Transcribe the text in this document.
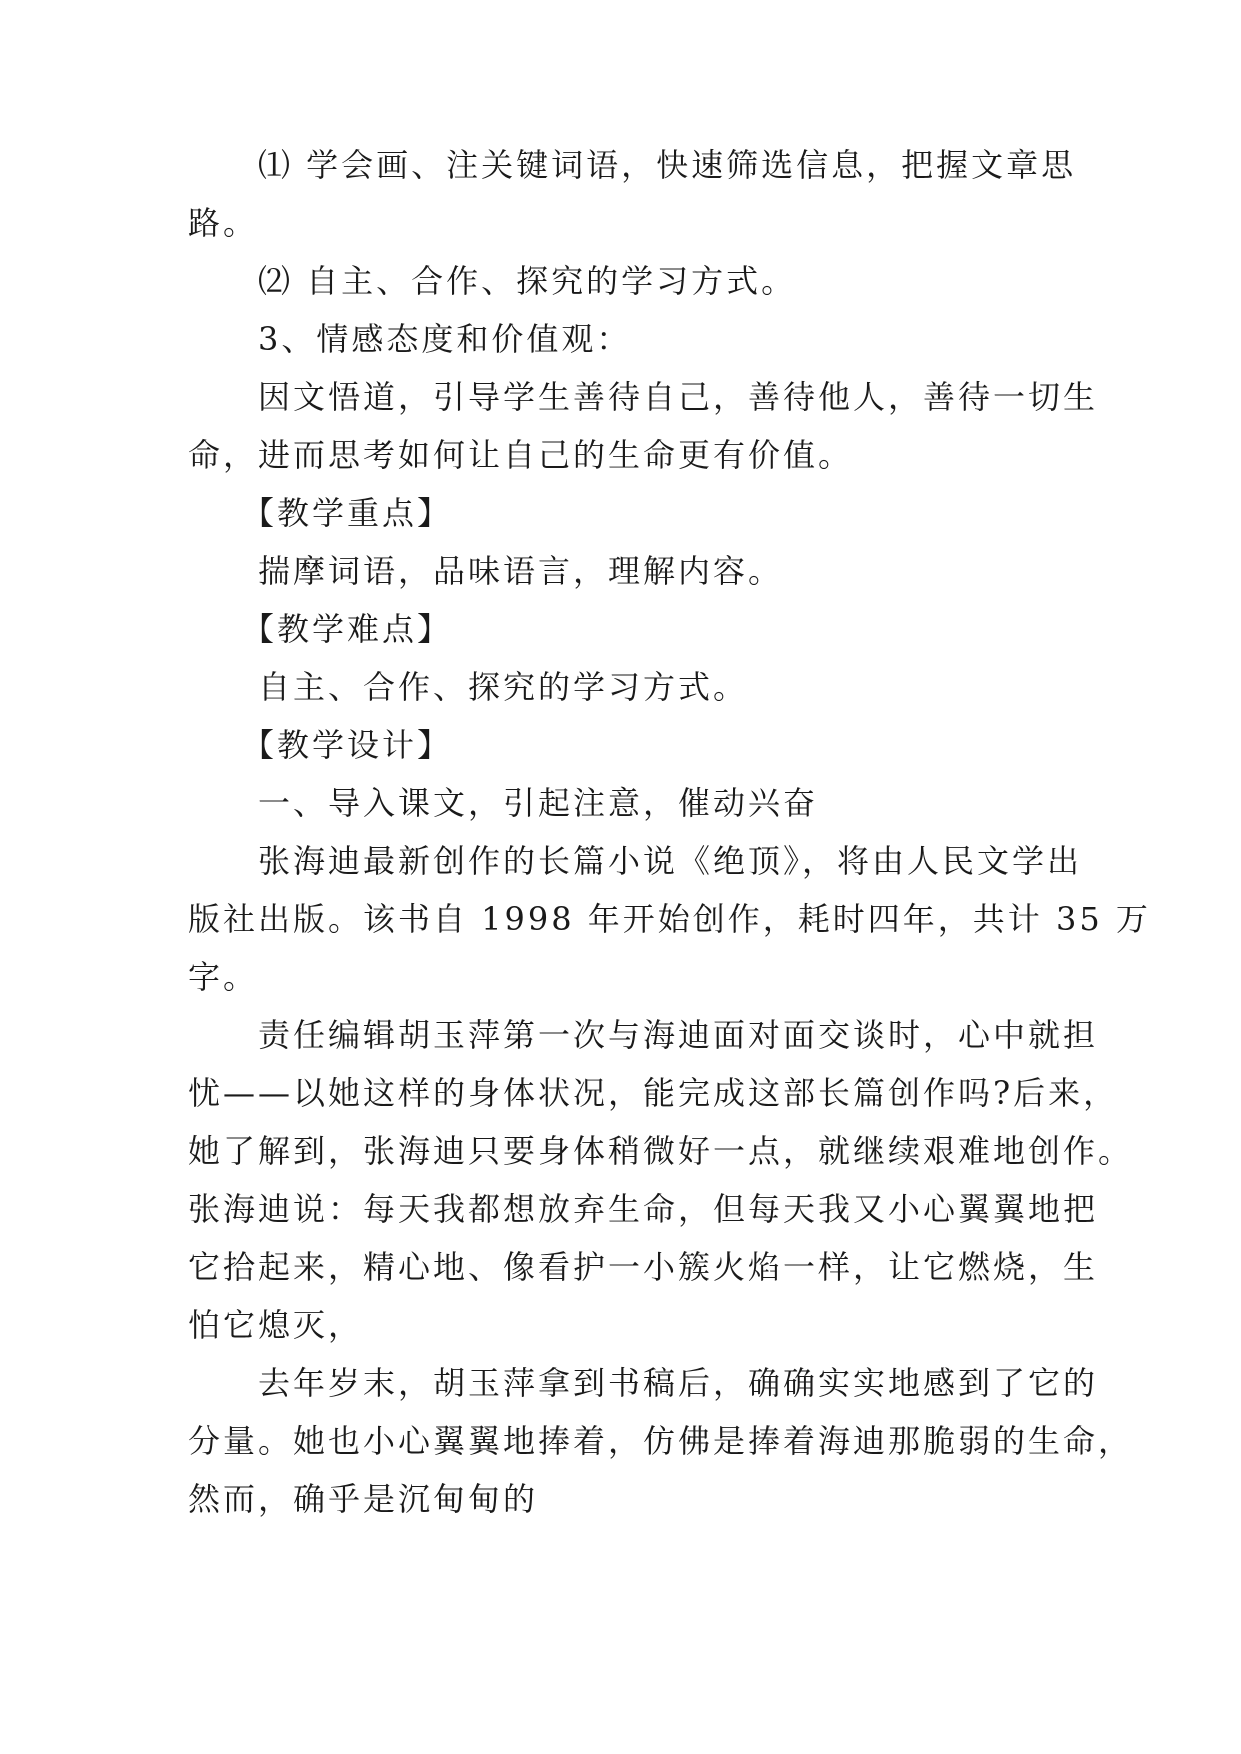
　　⑴ 学会画、注关键词语，快速筛选信息，把握文章思
路。
　　⑵ 自主、合作、探究的学习方式。
　　3、情感态度和价值观：
　　因文悟道，引导学生善待自己，善待他人，善待一切生
命，进而思考如何让自己的生命更有价值。
　　【教学重点】
　　揣摩词语，品味语言，理解内容。
　　【教学难点】
　　自主、合作、探究的学习方式。
　　【教学设计】
　　一、导入课文，引起注意，催动兴奋
　　张海迪最新创作的长篇小说《绝顶》，将由人民文学出
版社出版。该书自 1998 年开始创作，耗时四年，共计 35 万
字。
　　责任编辑胡玉萍第一次与海迪面对面交谈时，心中就担
忧——以她这样的身体状况，能完成这部长篇创作吗?后来，
她了解到，张海迪只要身体稍微好一点，就继续艰难地创作。
张海迪说：每天我都想放弃生命，但每天我又小心翼翼地把
它拾起来，精心地、像看护一小簇火焰一样，让它燃烧，生
怕它熄灭，
　　去年岁末，胡玉萍拿到书稿后，确确实实地感到了它的
分量。她也小心翼翼地捧着，仿佛是捧着海迪那脆弱的生命，
然而，确乎是沉甸甸的
